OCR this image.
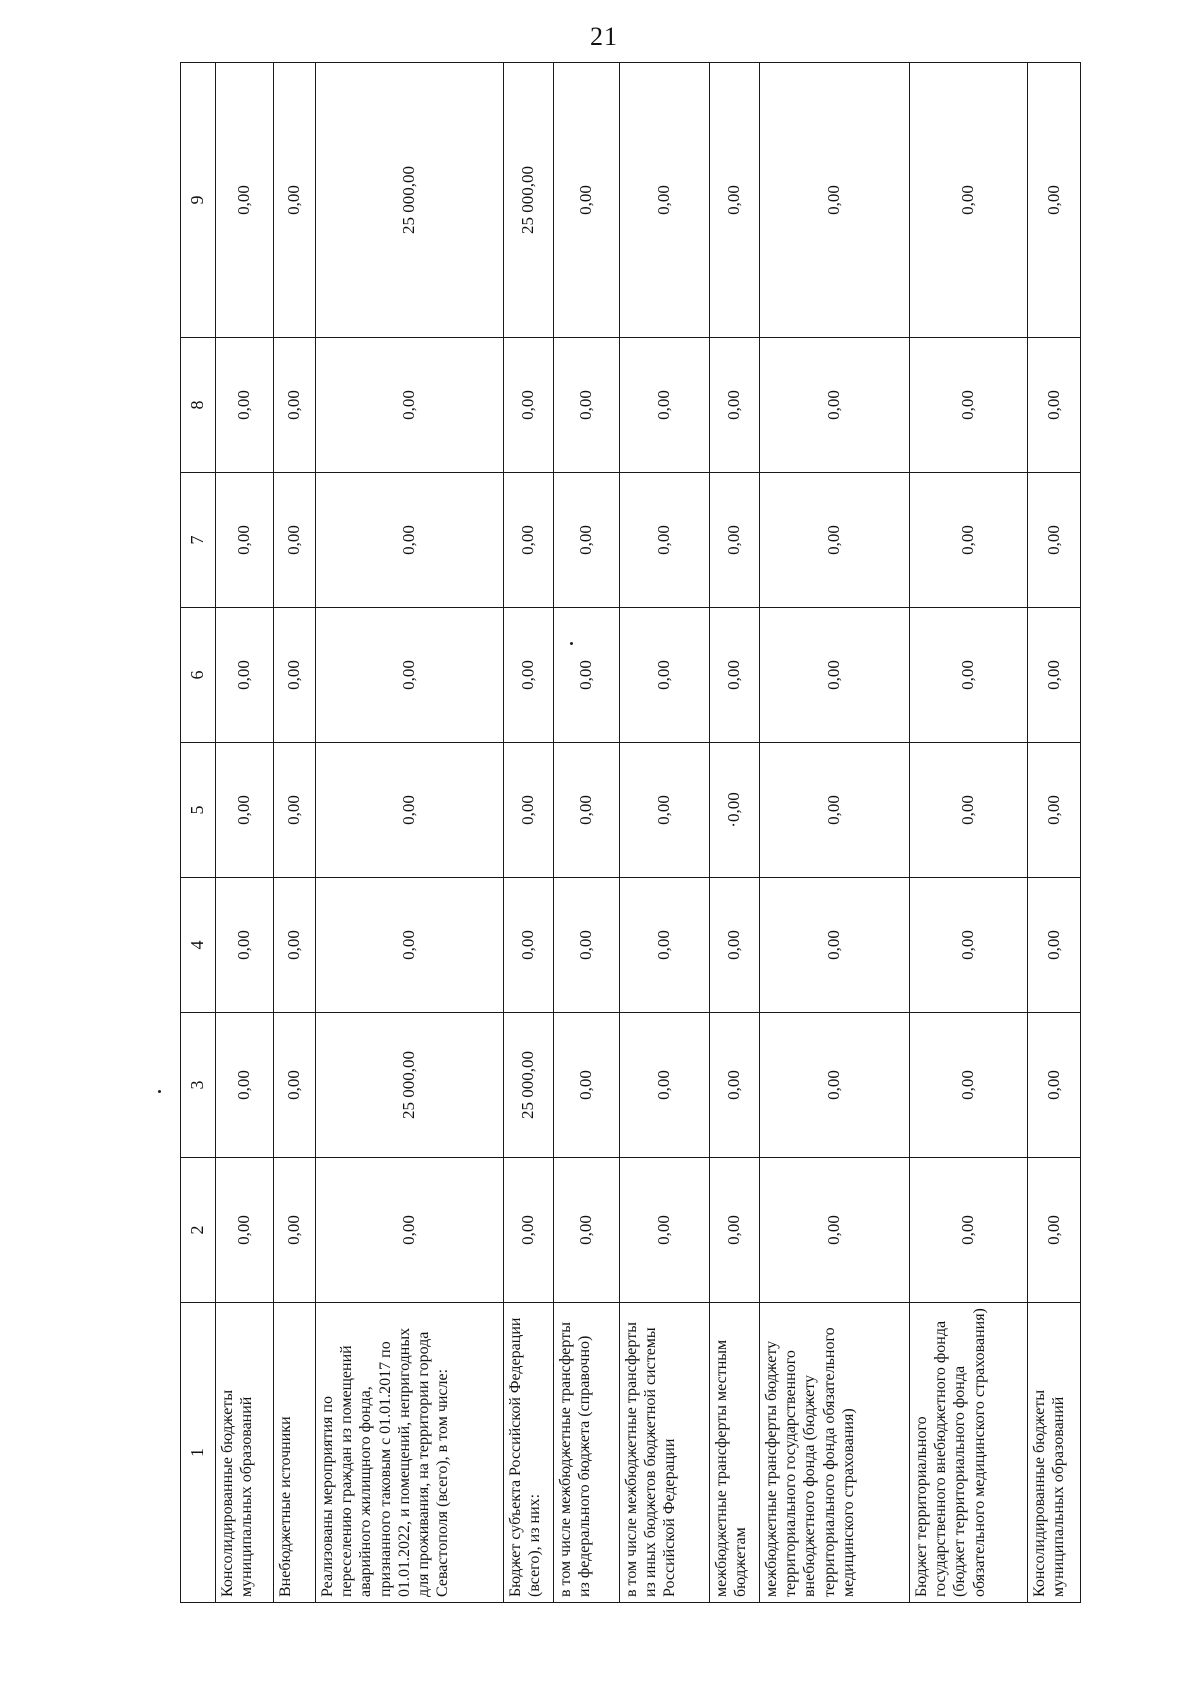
21
1	2	3	4	5	6	7	8	9
Консолидированные бюджеты муниципальных образований	0,00	0,00	0,00	0,00	0,00	0,00	0,00	0,00
Внебюджетные источники	0,00	0,00	0,00	0,00	0,00	0,00	0,00	0,00
Реализованы мероприятия по переселению граждан из помещений аварийного жилищного фонда, признанного таковым с 01.01.2017 по 01.01.2022, и помещений, непригодных для проживания, на территории города Севастополя (всего), в том числе:	0,00	25 000,00	0,00	0,00	0,00	0,00	0,00	25 000,00
Бюджет субъекта Российской Федерации (всего), из них:	0,00	25 000,00	0,00	0,00	0,00	0,00	0,00	25 000,00
в том числе межбюджетные трансферты из федерального бюджета (справочно)	0,00	0,00	0,00	0,00	0,00	0,00	0,00	0,00
в том числе межбюджетные трансферты из иных бюджетов бюджетной системы Российской Федерации	0,00	0,00	0,00	0,00	0,00	0,00	0,00	0,00
межбюджетные трансферты местным бюджетам	0,00	0,00	0,00	·0,00	0,00	0,00	0,00	0,00
межбюджетные трансферты бюджету территориального государственного внебюджетного фонда (бюджету территориального фонда обязательного медицинского страхования)	0,00	0,00	0,00	0,00	0,00	0,00	0,00	0,00
Бюджет территориального государственного внебюджетного фонда (бюджет территориального фонда обязательного медицинского страхования)	0,00	0,00	0,00	0,00	0,00	0,00	0,00	0,00
Консолидированные бюджеты муниципальных образований	0,00	0,00	0,00	0,00	0,00	0,00	0,00	0,00
